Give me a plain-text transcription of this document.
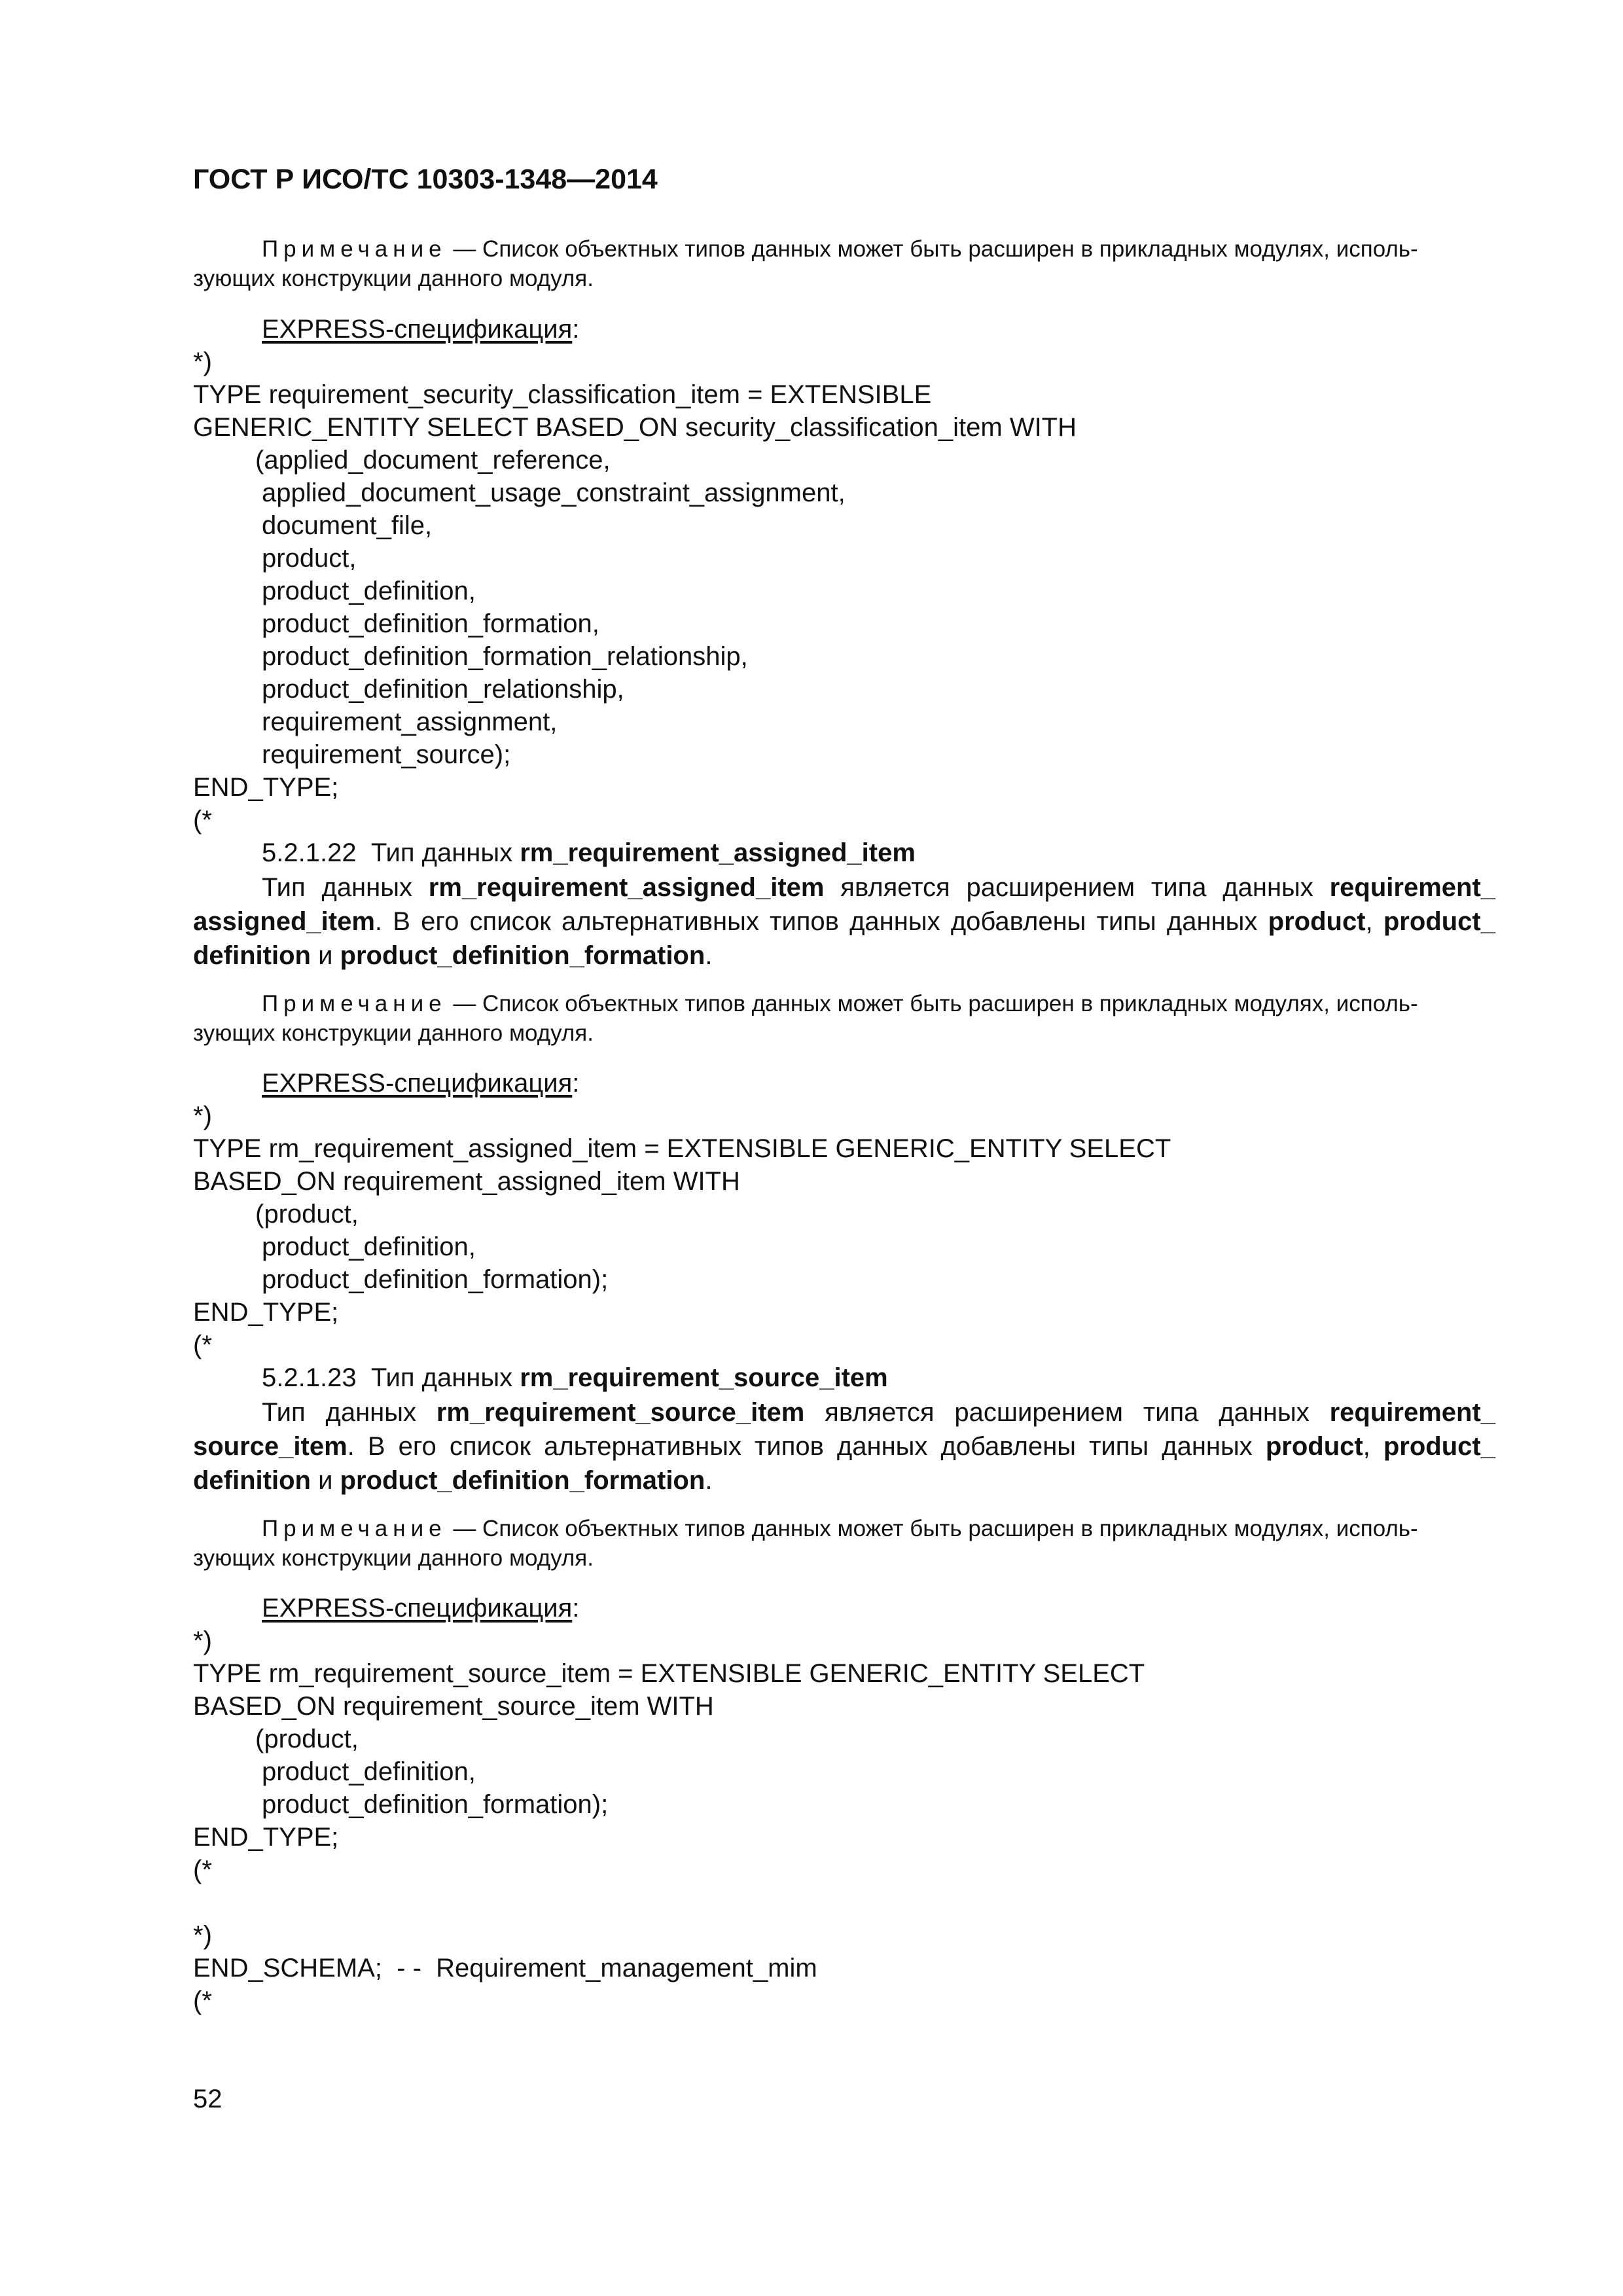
ГОСТ Р ИСО/ТС 10303-1348—2014
Примечание — Список объектных типов данных может быть расширен в прикладных модулях, исполь-
зующих конструкции данного модуля.
EXPRESS-спецификация:
*)
TYPE requirement_security_classification_item = EXTENSIBLE
GENERIC_ENTITY SELECT BASED_ON security_classification_item WITH
(applied_document_reference,
applied_document_usage_constraint_assignment,
document_file,
product,
product_definition,
product_definition_formation,
product_definition_formation_relationship,
product_definition_relationship,
requirement_assignment,
requirement_source);
END_TYPE;
(*
5.2.1.22 Тип данных rm_requirement_assigned_item
Тип данных rm_requirement_assigned_item является расширением типа данных requirement_ assigned_item. В его список альтернативных типов данных добавлены типы данных product, product_ definition и product_definition_formation.
Примечание — Список объектных типов данных может быть расширен в прикладных модулях, исполь-
зующих конструкции данного модуля.
EXPRESS-спецификация:
*)
TYPE rm_requirement_assigned_item = EXTENSIBLE GENERIC_ENTITY SELECT
BASED_ON requirement_assigned_item WITH
(product,
product_definition,
product_definition_formation);
END_TYPE;
(*
5.2.1.23 Тип данных rm_requirement_source_item
Тип данных rm_requirement_source_item является расширением типа данных requirement_ source_item. В его список альтернативных типов данных добавлены типы данных product, product_ definition и product_definition_formation.
Примечание — Список объектных типов данных может быть расширен в прикладных модулях, исполь-
зующих конструкции данного модуля.
EXPRESS-спецификация:
*)
TYPE rm_requirement_source_item = EXTENSIBLE GENERIC_ENTITY SELECT
BASED_ON requirement_source_item WITH
(product,
product_definition,
product_definition_formation);
END_TYPE;
(*
*)
END_SCHEMA;  - -  Requirement_management_mim
(*
52
